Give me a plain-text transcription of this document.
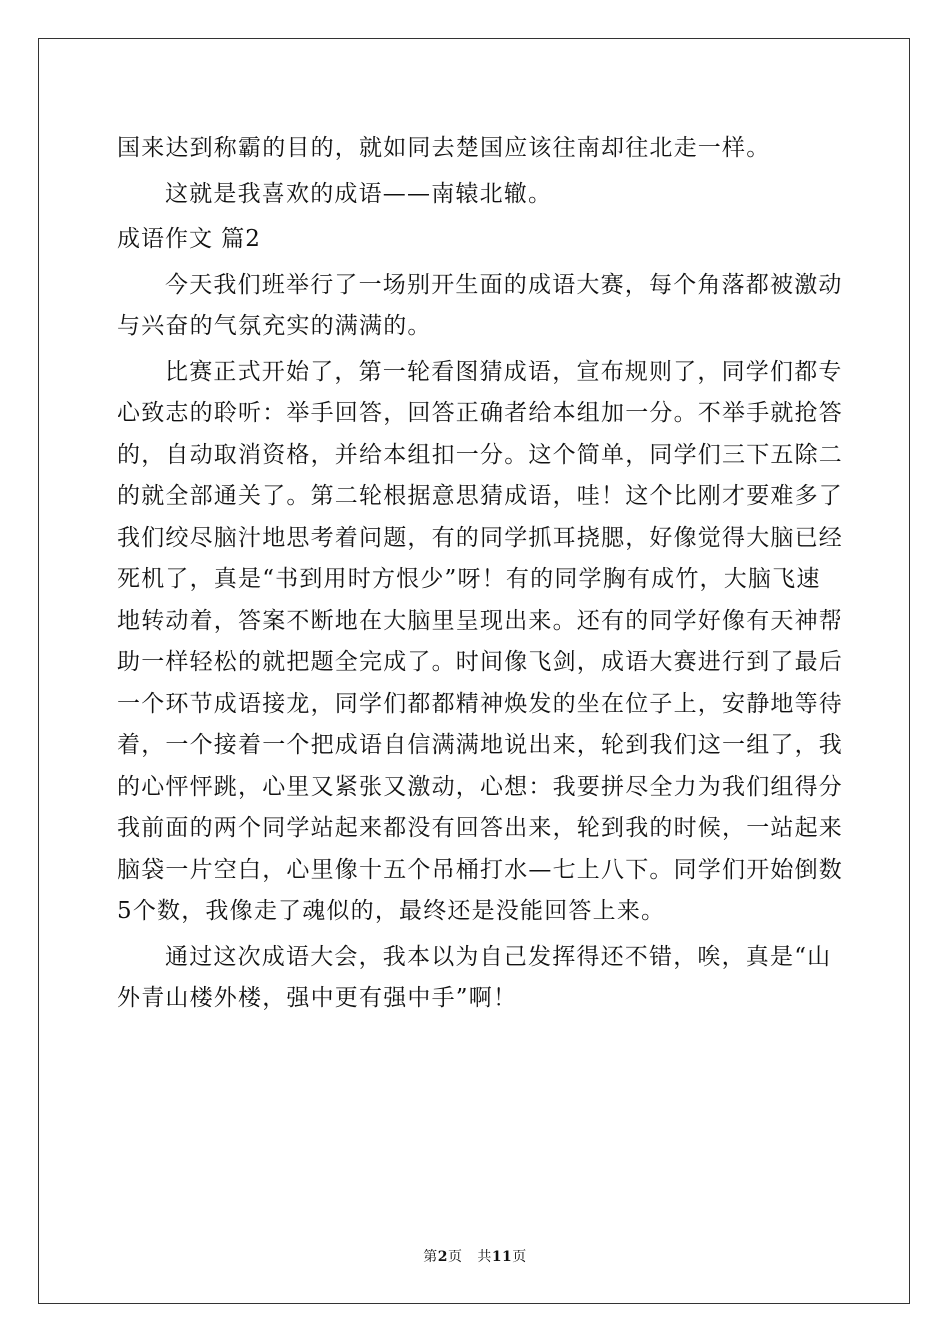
国来达到称霸的目的，就如同去楚国应该往南却往北走一样。
这就是我喜欢的成语——南辕北辙。
成语作文 篇2
今天我们班举行了一场别开生面的成语大赛，每个角落都被激动
与兴奋的气氛充实的满满的。
比赛正式开始了，第一轮看图猜成语，宣布规则了，同学们都专
心致志的聆听：举手回答，回答正确者给本组加一分。不举手就抢答
的，自动取消资格，并给本组扣一分。这个简单，同学们三下五除二
的就全部通关了。第二轮根据意思猜成语，哇！这个比刚才要难多了
我们绞尽脑汁地思考着问题，有的同学抓耳挠腮，好像觉得大脑已经
死机了，真是“书到用时方恨少”呀！有的同学胸有成竹，大脑飞速
地转动着，答案不断地在大脑里呈现出来。还有的同学好像有天神帮
助一样轻松的就把题全完成了。时间像飞剑，成语大赛进行到了最后
一个环节成语接龙，同学们都都精神焕发的坐在位子上，安静地等待
着，一个接着一个把成语自信满满地说出来，轮到我们这一组了，我
的心怦怦跳，心里又紧张又激动，心想：我要拼尽全力为我们组得分
我前面的两个同学站起来都没有回答出来，轮到我的时候，一站起来
脑袋一片空白，心里像十五个吊桶打水—七上八下。同学们开始倒数
5个数，我像走了魂似的，最终还是没能回答上来。
通过这次成语大会，我本以为自己发挥得还不错，唉，真是“山
外青山楼外楼，强中更有强中手”啊！
第2页 共11页
